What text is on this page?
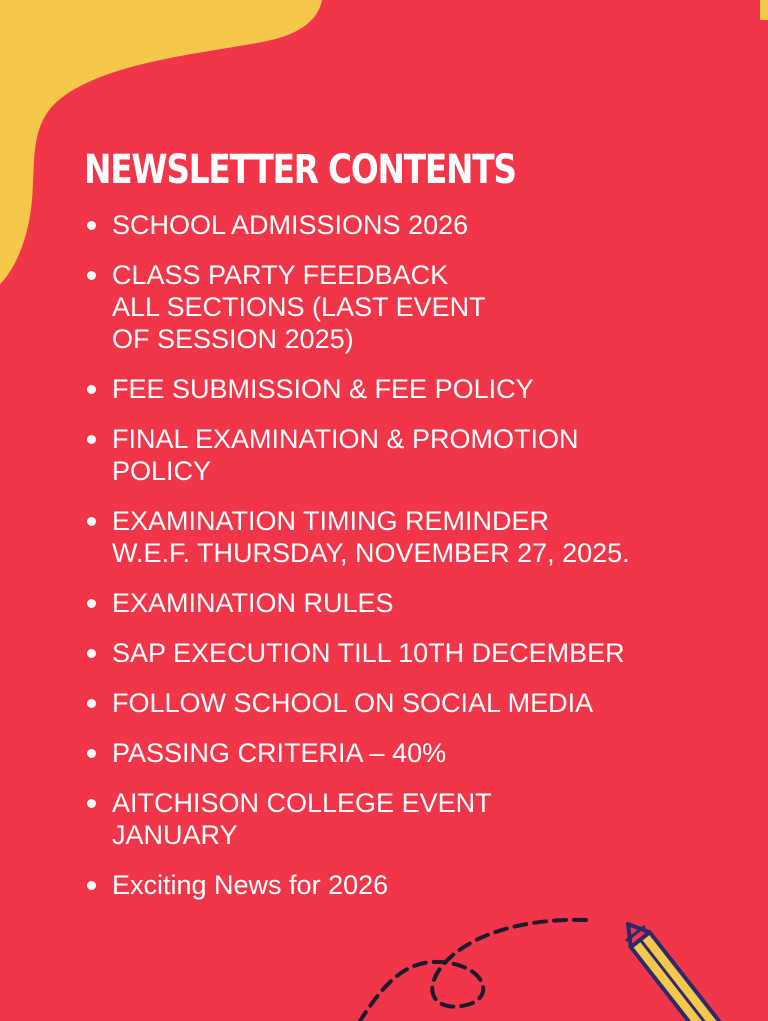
NEWSLETTER CONTENTS
SCHOOL ADMISSIONS 2026
CLASS PARTY FEEDBACK
ALL SECTIONS (LAST EVENT
OF SESSION 2025)
FEE SUBMISSION & FEE POLICY
FINAL EXAMINATION & PROMOTION
POLICY
EXAMINATION TIMING REMINDER
W.E.F. THURSDAY, NOVEMBER 27, 2025.
EXAMINATION RULES
SAP EXECUTION TILL 10TH DECEMBER
FOLLOW SCHOOL ON SOCIAL MEDIA
PASSING CRITERIA – 40%
AITCHISON COLLEGE EVENT
JANUARY
Exciting News for 2026
